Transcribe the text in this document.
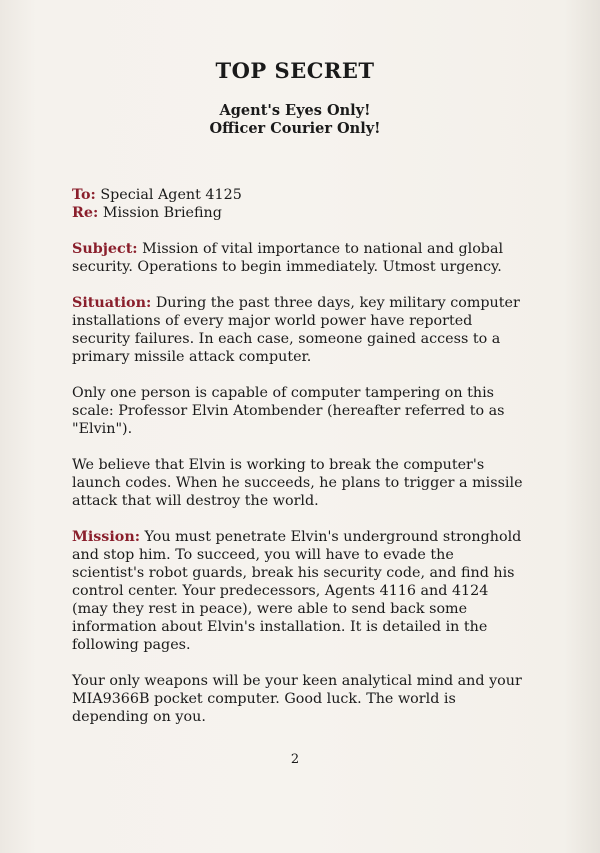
TOP SECRET
Agent's Eyes Only!
Officer Courier Only!
To: Special Agent 4125
Re: Mission Briefing

Subject: Mission of vital importance to national and global security. Operations to begin immediately. Utmost urgency.

Situation: During the past three days, key military computer installations of every major world power have reported security failures. In each case, someone gained access to a primary missile attack computer.

Only one person is capable of computer tampering on this scale: Professor Elvin Atombender (hereafter referred to as "Elvin").

We believe that Elvin is working to break the computer's launch codes. When he succeeds, he plans to trigger a missile attack that will destroy the world.

Mission: You must penetrate Elvin's underground stronghold and stop him. To succeed, you will have to evade the scientist's robot guards, break his security code, and find his control center. Your predecessors, Agents 4116 and 4124 (may they rest in peace), were able to send back some information about Elvin's installation. It is detailed in the following pages.

Your only weapons will be your keen analytical mind and your MIA9366B pocket computer. Good luck. The world is depending on you.

2
